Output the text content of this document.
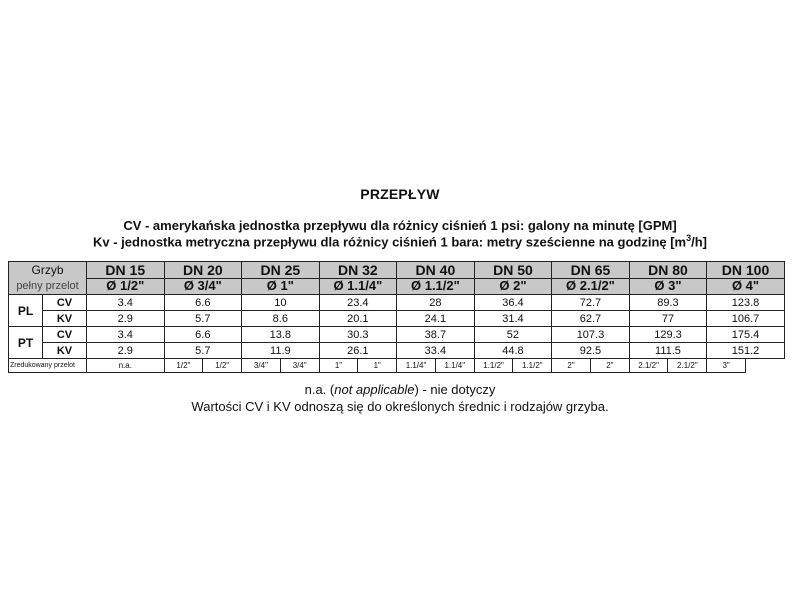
PRZEPŁYW
CV - amerykańska jednostka przepływu dla różnicy ciśnień 1 psi: galony na minutę [GPM]
Kv - jednostka metryczna przepływu dla różnicy ciśnień 1 bara: metry sześcienne na godzinę $[m^3/h]$
Grzyb
pełny przelot		DN 15	DN 20		DN 25		DN 32		DN 40		DN 50		DN 65		DN 80		DN 100
		Ø 1/2"	Ø 3/4"		Ø 1"		Ø 1.1/4"		Ø 1.1/2"		Ø 2"		Ø 2.1/2"		Ø 3"		Ø 4"
PL	CV	3.4	6.6		10		23.4		28		36.4		72.7		89.3		123.8
	KV	2.9	5.7		8.6		20.1		24.1		31.4		62.7		77		106.7
PT	CV	3.4	6.6		13.8		30.3		38.7		52		107.3		129.3		175.4
	KV	2.9	5.7		11.9		26.1		33.4		44.8		92.5		111.5		151.2
Zredukowany przelot		n.a.	1/2"	1/2"	3/4"	3/4"	1"	1"	1.1/4"	1.1/4"	1.1/2"	1.1/2"	2"	2"	2.1/2"	2.1/2"	3"
n.a. (not applicable) - nie dotyczy
Wartości CV i KV odnoszą się do określonych średnic i rodzajów grzyba.
